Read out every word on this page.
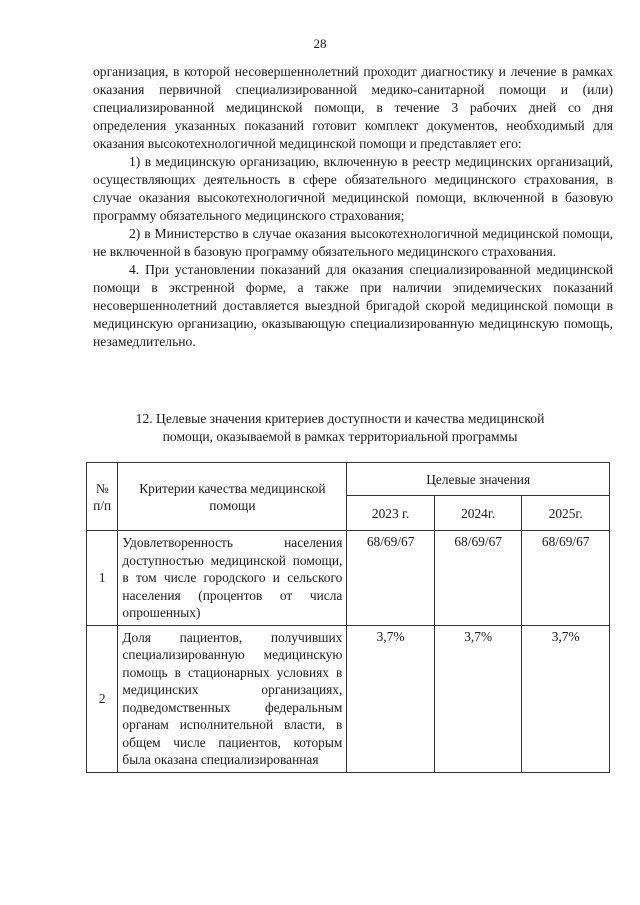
28

организация, в которой несовершеннолетний проходит диагностику и лечение в рамках оказания первичной специализированной медико-санитарной помощи и (или) специализированной медицинской помощи, в течение 3 рабочих дней со дня определения указанных показаний готовит комплект документов, необходимый для оказания высокотехнологичной медицинской помощи и представляет его:

1) в медицинскую организацию, включенную в реестр медицинских организаций, осуществляющих деятельность в сфере обязательного медицинского страхования, в случае оказания высокотехнологичной медицинской помощи, включенной в базовую программу обязательного медицинского страхования;

2) в Министерство в случае оказания высокотехнологичной медицинской помощи, не включенной в базовую программу обязательного медицинского страхования.

4. При установлении показаний для оказания специализированной медицинской помощи в экстренной форме, а также при наличии эпидемических показаний несовершеннолетний доставляется выездной бригадой скорой медицинской помощи в медицинскую организацию, оказывающую специализированную медицинскую помощь, незамедлительно.

12. Целевые значения критериев доступности и качества медицинской помощи, оказываемой в рамках территориальной программы

№ п/п	Критерии качества медицинской помощи	Целевые значения		
		2023 г.	2024г.	2025г.
1	Удовлетворенность населения доступностью медицинской помощи, в том числе городского и сельского населения (процентов от числа опрошенных)	68/69/67	68/69/67	68/69/67
2	Доля пациентов, получивших специализированную медицинскую помощь в стационарных условиях в медицинских организациях, подведомственных федеральным органам исполнительной власти, в общем числе пациентов, которым была оказана специализированная	3,7%	3,7%	3,7%
